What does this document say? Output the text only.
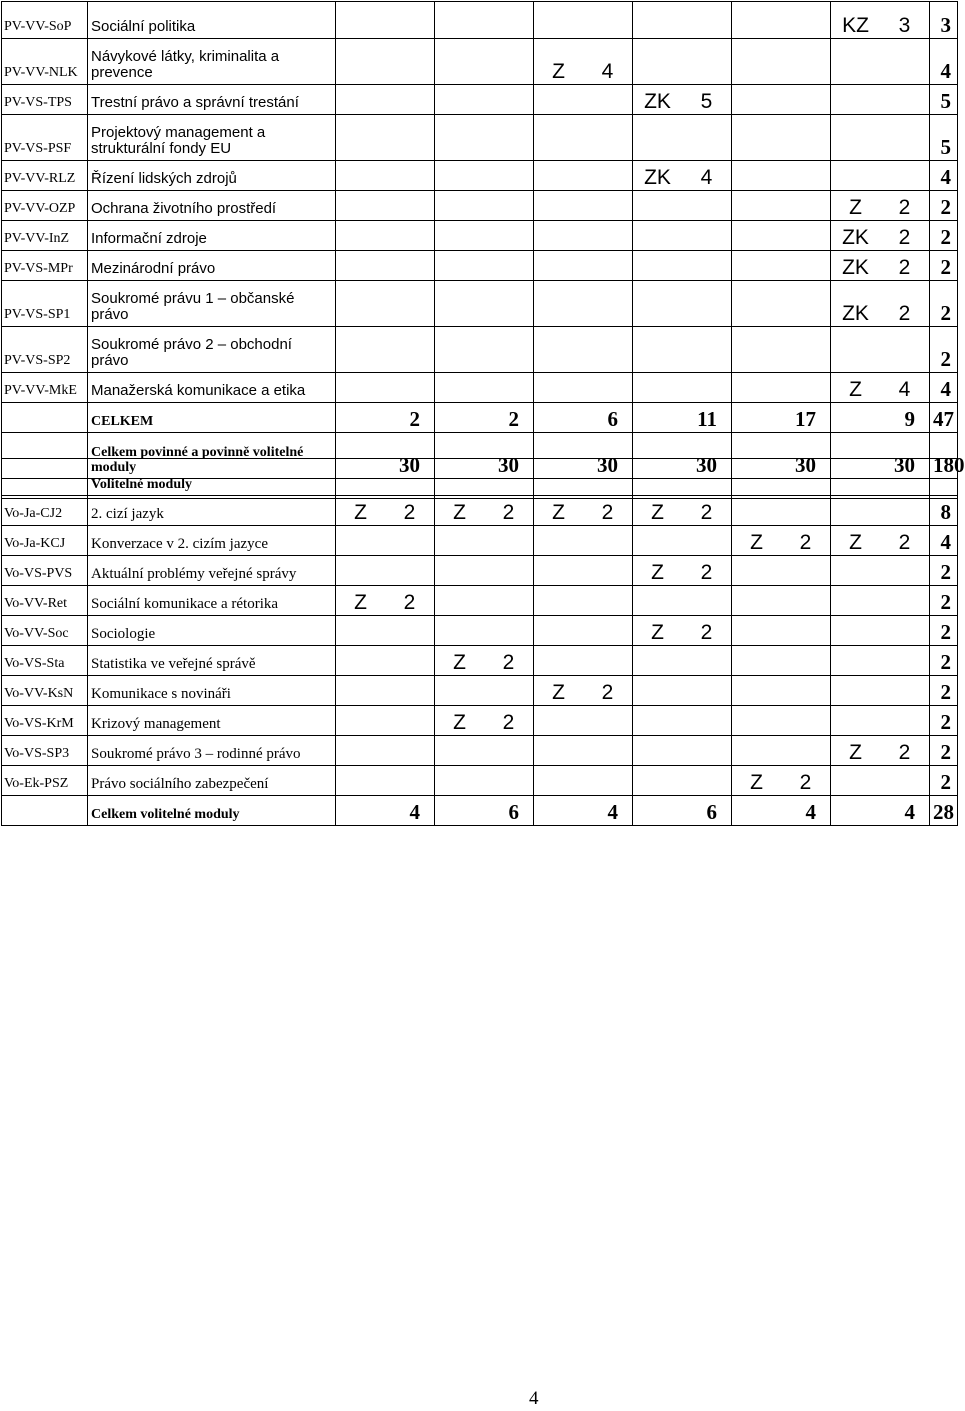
PV-VV-SoP	Sociální politika						KZ 3	3
PV-VV-NLK	Návykové látky, kriminalita a prevence			Z 4				4
PV-VS-TPS	Trestní právo a správní trestání				ZK 5			5
PV-VS-PSF	Projektový management a strukturální fondy EU							5
PV-VV-RLZ	Řízení lidských zdrojů				ZK 4			4
PV-VV-OZP	Ochrana životního prostředí						Z 2	2
PV-VV-InZ	Informační zdroje						ZK 2	2
PV-VS-MPr	Mezinárodní právo						ZK 2	2
PV-VS-SP1	Soukromé právu 1 – občanské právo						ZK 2	2
PV-VS-SP2	Soukromé právo 2 – obchodní právo							2
PV-VV-MkE	Manažerská komunikace a etika						Z 4	4
	CELKEM	2	2	6	11	17	9	47
	Celkem povinné a povinně volitelné moduly	30	30	30	30	30	30	180

	Volitelné moduly							
Vo-Ja-CJ2	2. cizí jazyk	Z 2	Z 2	Z 2	Z 2			8
Vo-Ja-KCJ	Konverzace v 2. cizím jazyce					Z 2	Z 2	4
Vo-VS-PVS	Aktuální problémy veřejné správy				Z 2			2
Vo-VV-Ret	Sociální komunikace a rétorika	Z 2						2
Vo-VV-Soc	Sociologie				Z 2			2
Vo-VS-Sta	Statistika ve veřejné správě		Z 2					2
Vo-VV-KsN	Komunikace s novináři			Z 2				2
Vo-VS-KrM	Krizový management		Z 2					2
Vo-VS-SP3	Soukromé právo 3 – rodinné právo						Z 2	2
Vo-Ek-PSZ	Právo sociálního zabezpečení					Z 2		2
	Celkem volitelné moduly	4	6	4	6	4	4	28
4
